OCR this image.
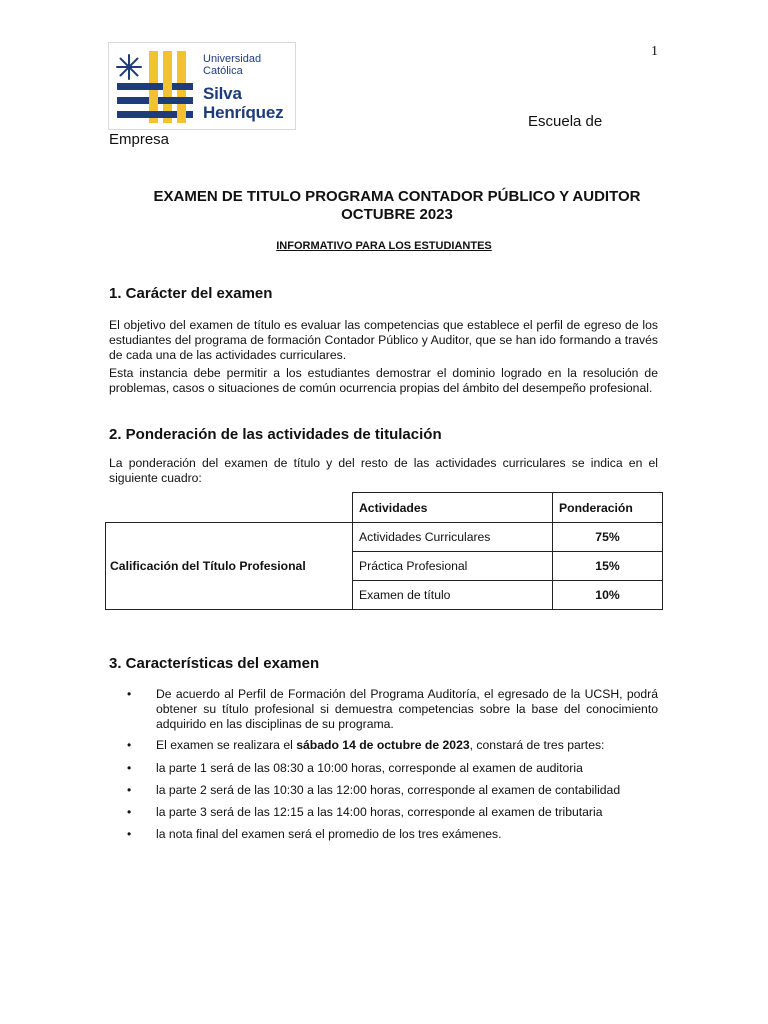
1
Universidad
Católica
Silva
Henríquez	Escuela de
Empresa
EXAMEN DE TITULO PROGRAMA CONTADOR PÚBLICO Y AUDITOR
OCTUBRE 2023
INFORMATIVO PARA LOS ESTUDIANTES
1. Carácter del examen
El objetivo del examen de título es evaluar las competencias que establece el perfil de egreso de los estudiantes del programa de formación Contador Público y Auditor, que se han ido formando a través de cada una de las actividades curriculares.
Esta instancia debe permitir a los estudiantes demostrar el dominio logrado en la resolución de problemas, casos o situaciones de común ocurrencia propias del ámbito del desempeño profesional.
2. Ponderación de las actividades de titulación
La ponderación del examen de título y del resto de las actividades curriculares se indica en el siguiente cuadro:
Actividades	Ponderación
Calificación del Título Profesional
Actividades Curriculares	75%
Práctica Profesional	15%
Examen de título	10%
3. Características del examen
• De acuerdo al Perfil de Formación del Programa Auditoría, el egresado de la UCSH, podrá obtener su título profesional si demuestra competencias sobre la base del conocimiento adquirido en las disciplinas de su programa.
• El examen se realizara el sábado 14 de octubre de 2023, constará de tres partes:
• la parte 1 será de las 08:30 a 10:00 horas, corresponde al examen de auditoria
• la parte 2 será de las 10:30 a las 12:00 horas, corresponde al examen de contabilidad
• la parte 3 será de las 12:15 a las 14:00 horas, corresponde al examen de tributaria
• la nota final del examen será el promedio de los tres exámenes.
